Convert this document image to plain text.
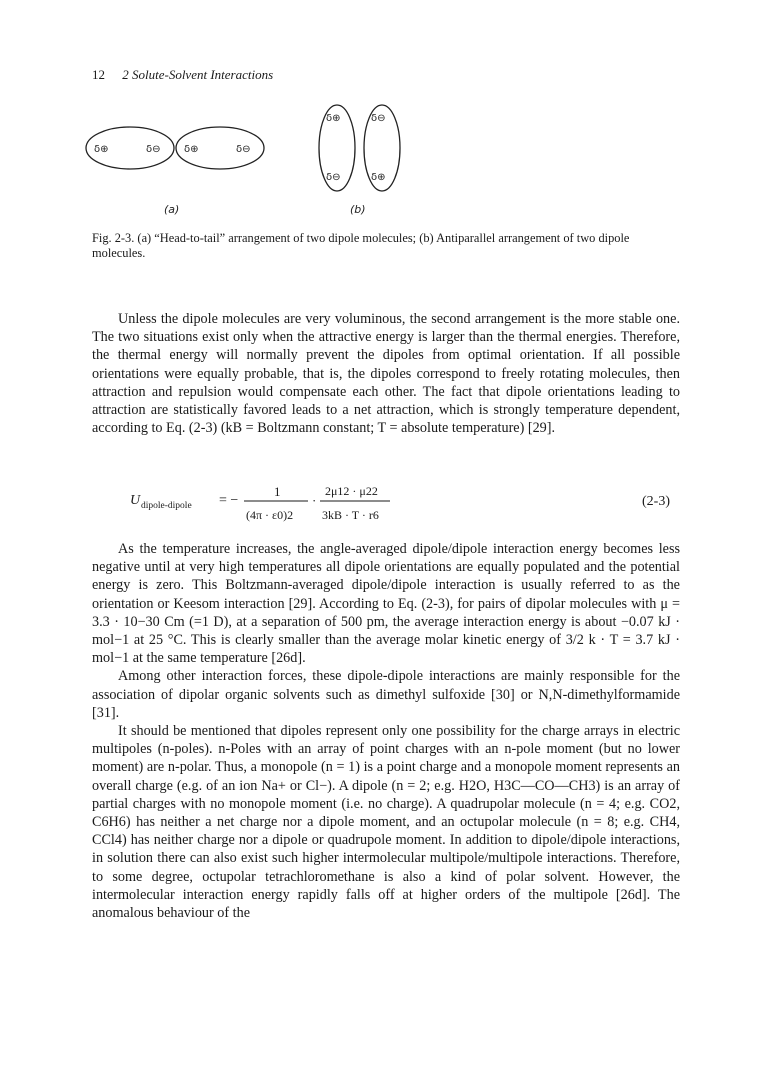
12 2 Solute-Solvent Interactions
δ⊕	δ⊖ δ⊕	δ⊖
δ⊕
δ⊖
δ⊖
δ⊕
(a)	(b)
Fig. 2-3. (a) “Head-to-tail” arrangement of two dipole molecules; (b) Antiparallel arrangement of two dipole molecules.

Unless the dipole molecules are very voluminous, the second arrangement is the more stable one. The two situations exist only when the attractive energy is larger than the thermal energies. Therefore, the thermal energy will normally prevent the dipoles from optimal orientation. If all possible orientations were equally probable, that is, the dipoles correspond to freely rotating molecules, then attraction and repulsion would compensate each other. The fact that dipole orientations leading to attraction are statistically favored leads to a net attraction, which is strongly temperature dependent, according to Eq. (2-3) (kB = Boltzmann constant; T = absolute temperature) [29].

U dipole-dipole = −
1
(4π · ε0)2
·
2μ12 · μ22
3kB · T · r6
(2-3)

As the temperature increases, the angle-averaged dipole/dipole interaction energy becomes less negative until at very high temperatures all dipole orientations are equally populated and the potential energy is zero. This Boltzmann-averaged dipole/dipole interaction is usually referred to as the orientation or Keesom interaction [29]. According to Eq. (2-3), for pairs of dipolar molecules with μ = 3.3 · 10−30 Cm (=1 D), at a separation of 500 pm, the average interaction energy is about −0.07 kJ · mol−1 at 25 °C. This is clearly smaller than the average molar kinetic energy of 3/2 k · T = 3.7 kJ · mol−1 at the same temperature [26d].

Among other interaction forces, these dipole-dipole interactions are mainly responsible for the association of dipolar organic solvents such as dimethyl sulfoxide [30] or N,N-dimethylformamide [31].

It should be mentioned that dipoles represent only one possibility for the charge arrays in electric multipoles (n-poles). n-Poles with an array of point charges with an n-pole moment (but no lower moment) are n-polar. Thus, a monopole (n = 1) is a point charge and a monopole moment represents an overall charge (e.g. of an ion Na+ or Cl−). A dipole (n = 2; e.g. H2O, H3C—CO—CH3) is an array of partial charges with no monopole moment (i.e. no charge). A quadrupolar molecule (n = 4; e.g. CO2, C6H6) has neither a net charge nor a dipole moment, and an octupolar molecule (n = 8; e.g. CH4, CCl4) has neither charge nor a dipole or quadrupole moment. In addition to dipole/dipole interactions, in solution there can also exist such higher intermolecular multipole/multipole interactions. Therefore, to some degree, octupolar tetrachloromethane is also a kind of polar solvent. However, the intermolecular interaction energy rapidly falls off at higher orders of the multipole [26d]. The anomalous behaviour of the
